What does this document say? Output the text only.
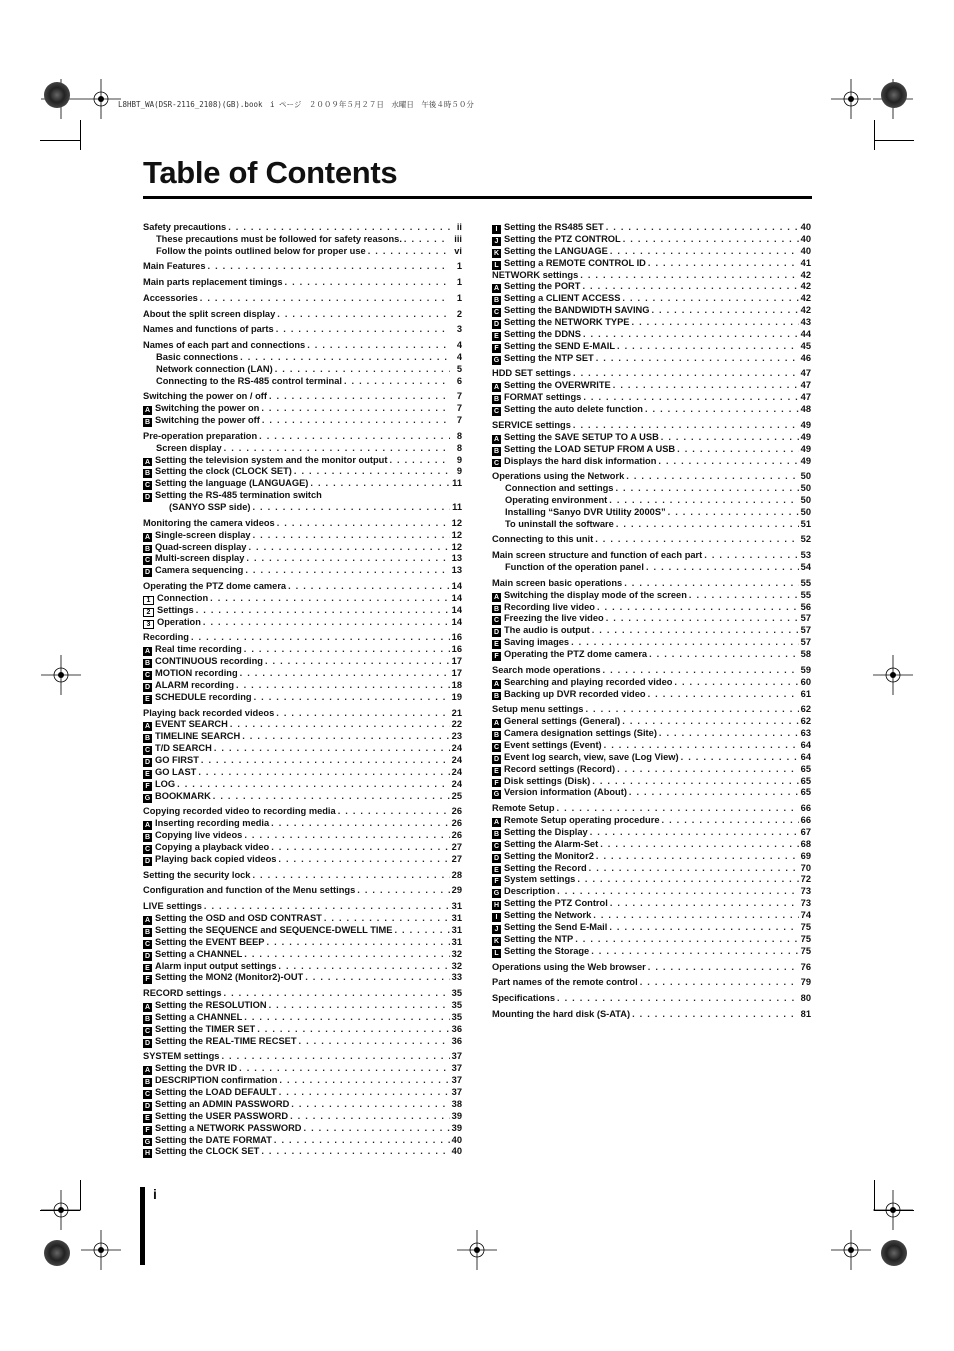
L8HBT_WA(DSR-2116_2108)(GB).book　i ページ　２００９年５月２７日　水曜日　午後４時５０分
Table of Contents
Safety precautions . . .	ii
These precautions must be followed for safety reasons. . . .	iii
Follow the points outlined below for proper use . . .	vi
Main Features . . .	1
Main parts replacement timings . . .	1
Accessories . . .	1
About the split screen display . . .	2
Names and functions of parts . . .	3
Names of each part and connections . . .	4
Basic connections . . .	4
Network connection (LAN) . . .	5
Connecting to the RS-485 control terminal . . .	6
Switching the power on / off . . .	7
A Switching the power on . . .	7
B Switching the power off . . .	7
Pre-operation preparation . . .	8
Screen display . . .	8
A Setting the television system and the monitor output . . .	9
B Setting the clock (CLOCK SET) . . .	9
C Setting the language (LANGUAGE) . . .	11
D Setting the RS-485 termination switch
(SANYO SSP side) . . .	11
Monitoring the camera videos . . .	12
A Single-screen display . . .	12
B Quad-screen display . . .	12
C Multi-screen display . . .	13
D Camera sequencing . . .	13
Operating the PTZ dome camera . . .	14
1 Connection . . .	14
2 Settings . . .	14
3 Operation . . .	14
Recording . . .	16
A Real time recording . . .	16
B CONTINUOUS recording . . .	17
C MOTION recording . . .	17
D ALARM recording . . .	18
E SCHEDULE recording . . .	19
Playing back recorded videos . . .	21
A EVENT SEARCH . . .	22
B TIMELINE SEARCH . . .	23
C T/D SEARCH . . .	24
D GO FIRST . . .	24
E GO LAST . . .	24
F LOG . . .	24
G BOOKMARK . . .	25
Copying recorded video to recording media . . .	26
A Inserting recording media . . .	26
B Copying live videos . . .	26
C Copying a playback video . . .	27
D Playing back copied videos . . .	27
Setting the security lock . . .	28
Configuration and function of the Menu settings . . .	29
LIVE settings . . .	31
A Setting the OSD and OSD CONTRAST . . .	31
B Setting the SEQUENCE and SEQUENCE-DWELL TIME . . .	31
C Setting the EVENT BEEP . . .	31
D Setting a CHANNEL . . .	32
E Alarm input output settings . . .	32
F Setting the MON2 (Monitor2)-OUT . . .	33
RECORD settings . . .	35
A Setting the RESOLUTION . . .	35
B Setting a CHANNEL . . .	35
C Setting the TIMER SET . . .	36
D Setting the REAL-TIME RECSET . . .	36
SYSTEM settings . . .	37
A Setting the DVR ID . . .	37
B DESCRIPTION confirmation . . .	37
C Setting the LOAD DEFAULT . . .	37
D Setting an ADMIN PASSWORD . . .	38
E Setting the USER PASSWORD . . .	39
F Setting a NETWORK PASSWORD . . .	39
G Setting the DATE FORMAT . . .	40
H Setting the CLOCK SET . . .	40
I Setting the RS485 SET . . .	40
J Setting the PTZ CONTROL . . .	40
K Setting the LANGUAGE . . .	40
L Setting a REMOTE CONTROL ID . . .	41
NETWORK settings . . .	42
A Setting the PORT . . .	42
B Setting a CLIENT ACCESS . . .	42
C Setting the BANDWIDTH SAVING . . .	42
D Setting the NETWORK TYPE . . .	43
E Setting the DDNS . . .	44
F Setting the SEND E-MAIL . . .	45
G Setting the NTP SET . . .	46
HDD SET settings . . .	47
A Setting the OVERWRITE . . .	47
B FORMAT settings . . .	47
C Setting the auto delete function . . .	48
SERVICE settings . . .	49
A Setting the SAVE SETUP TO A USB . . .	49
B Setting the LOAD SETUP FROM A USB . . .	49
C Displays the hard disk information . . .	49
Operations using the Network . . .	50
Connection and settings . . .	50
Operating environment . . .	50
Installing “Sanyo DVR Utility 2000S” . . .	50
To uninstall the software . . .	51
Connecting to this unit . . .	52
Main screen structure and function of each part . . .	53
Function of the operation panel . . .	54
Main screen basic operations . . .	55
A Switching the display mode of the screen . . .	55
B Recording live video . . .	56
C Freezing the live video . . .	57
D The audio is output . . .	57
E Saving images . . .	57
F Operating the PTZ dome camera . . .	58
Search mode operations . . .	59
A Searching and playing recorded video . . .	60
B Backing up DVR recorded video . . .	61
Setup menu settings . . .	62
A General settings (General) . . .	62
B Camera designation settings (Site) . . .	63
C Event settings (Event) . . .	64
D Event log search, view, save (Log View) . . .	64
E Record settings (Record) . . .	65
F Disk settings (Disk) . . .	65
G Version information (About) . . .	65
Remote Setup . . .	66
A Remote Setup operating procedure . . .	66
B Setting the Display . . .	67
C Setting the Alarm-Set . . .	68
D Setting the Monitor2 . . .	69
E Setting the Record . . .	70
F System settings . . .	72
G Description . . .	73
H Setting the PTZ Control . . .	73
I Setting the Network . . .	74
J Setting the Send E-Mail . . .	75
K Setting the NTP . . .	75
L Setting the Storage . . .	75
Operations using the Web browser . . .	76
Part names of the remote control . . .	79
Specifications . . .	80
Mounting the hard disk (S-ATA) . . .	81
i
